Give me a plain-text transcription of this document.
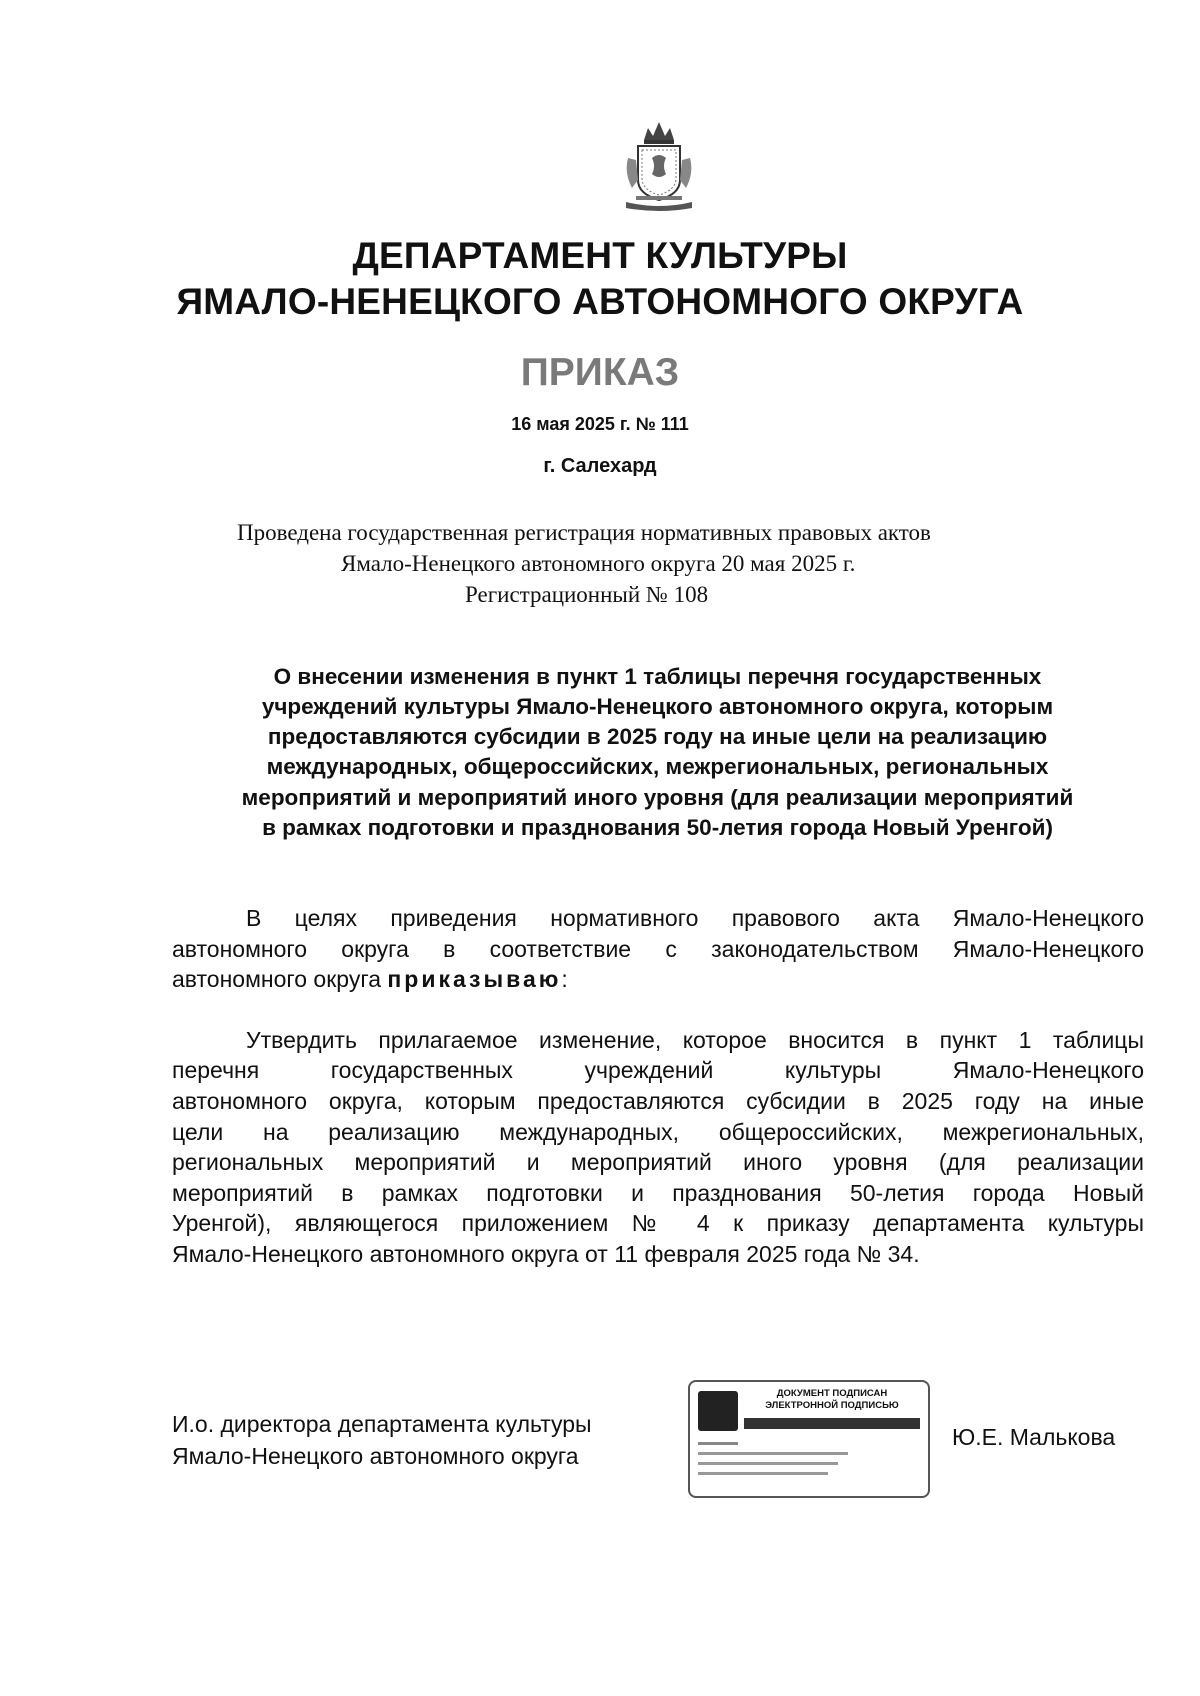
ДЕПАРТАМЕНТ КУЛЬТУРЫ
ЯМАЛО-НЕНЕЦКОГО АВТОНОМНОГО ОКРУГА
ПРИКАЗ
16 мая 2025 г. № 111
г. Салехард
Проведена государственная регистрация нормативных правовых актов
Ямало-Ненецкого автономного округа 20 мая 2025 г.
Регистрационный № 108
О внесении изменения в пункт 1 таблицы перечня государственных
учреждений культуры Ямало-Ненецкого автономного округа, которым
предоставляются субсидии в 2025 году на иные цели на реализацию
международных, общероссийских, межрегиональных, региональных
мероприятий и мероприятий иного уровня (для реализации мероприятий
в рамках подготовки и празднования 50-летия города Новый Уренгой)
В целях приведения нормативного правового акта Ямало-Ненецкого
автономного округа в соответствие с законодательством Ямало-Ненецкого
автономного округа приказываю:
Утвердить прилагаемое изменение, которое вносится в пункт 1 таблицы
перечня государственных учреждений культуры Ямало-Ненецкого
автономного округа, которым предоставляются субсидии в 2025 году на иные
цели на реализацию международных, общероссийских, межрегиональных,
региональных мероприятий и мероприятий иного уровня (для реализации
мероприятий в рамках подготовки и празднования 50-летия города Новый
Уренгой), являющегося приложением № 4 к приказу департамента культуры
Ямало-Ненецкого автономного округа от 11 февраля 2025 года № 34.
И.о. директора департамента культуры
Ямало-Ненецкого автономного округа
ДОКУМЕНТ ПОДПИСАН
ЭЛЕКТРОННОЙ ПОДПИСЬЮ
Ю.Е. Малькова
